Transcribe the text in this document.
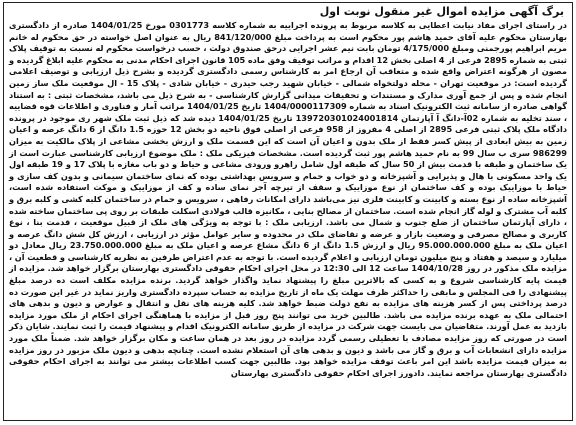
برگ آگهی مزایده اموال غیر منقول نوبت اول
در راستای اجرای مفاد نیابت اعطایی به کلاسه مربوط به پرونده اجراییه به شماره کلاسه 0301773 مورخ 1404/01/25 صادره از دادگستری بهارستان محکوم علیه آقای حمید هاشم پور محکوم است به پرداخت مبلغ 841/120/000 ریال به عنوان اصل خواسته در حق محکوم له خانم مریم ابراهیم پورجمنی ومبلغ 4/175/000 تومان بابت نیم عشر اجرایی درحق صندوق دولت ، حسب درخواست محکوم له نسبت به توقیف پلاک ثبتی به شماره 2895 فرعی از 4 اصلی بخش 12 اقدام و مراتب توقیف وفق ماده 105 قانون اجرای احکام مدنی به محکوم علیه ابلاغ گردیده و مصون از هرگونه اعتراض واقع شده و متعاقب آن ارجاع امر به کارشناس رسمی دادگستری گردیده و بشرح ذیل ارزیابی و توصیف اعلامی گردیده است: در موقعیت تهران - محله دولتخواه شمالی - خیابان شهید رجب حیدری - خیابان شادی - پلاک 15 - ال موقعیت ملک ساز زمین انجام شده و پس از جمع آوری مدارک و مستندات و تحقیقات میدانی گزارش کارشناسی - به شرح ذیل می باشد، مشخصات ثبتی : به استناد گواهی صادره از سامانه ثبت الکترونیک اسناد به شماره 1404/0000117309 تاریخ 1404/01/25 مراتب آمار و فناوری و اطلاعات قوه قضاییه ، سند تخلیه به شماره 02آ-دانگ آ آپارتمان 139720301024001814 تاریخ 1404/01/25 دیده شد که ذیل ثبت ملک شهر ری موجود در پرونده دادگاه ملک پلاک ثبتی فرعی 2895 از اصلی 4 مفروز از 958 فرعی از اصلی فوق ناحیه دو بخش 12 حوزه 1.5 دانگ از 6 دانگ عرصه و اعیان زمین به بیش ابعادی از پیش کسر فقط از ملک بدون و اعیان آن است که این قسمت ملک و ارزش بخشی مشاعی از پلاک مالکیت به میزان 986299 سری ب سال 99 به نام حمید هاشم پور ثبت گردیده است. مشخصات فیزیکی ملک : ملک موضوع ارزیابی کارشناسی عبارت است از یک ساختمان و طبقه با قدمت بیش از 50 سال که طبقه اول شامل راهرو ورودی مشاعی و حیاط و دو باب مغازه با پلاک 17 و 19 طبقه اول یک واحد مسکونی با هال و پذیرایی و آشپزخانه و دو خواب و حمام و سرویس بهداشتی بوده که نمای ساختمان سیمانی و بدون کف سازی و حیاط با موزاییک بوده و کف ساختمان از نوع موزاییک و سقف از تیرچه آجر نمای ساده و کف از موزاییک و موکت استفاده شده است، آشپزخانه ساده از نوع بسته و کابینت و کابینت فلزی نیز می‌باشد دارای امکانات رفاهی ، سرویس و حمام در ساختمان کلبه کشی و کلبه برق و کلبه آب مشترک و لوله گاز انجام شده است. ساختمان از مصالح بنایی ، مکانیزه قالب فولادی اسکلت طبقات بر روی پی ساختمان ساخته شده ، دارای آپارتمان ساختمان از ضلع جنوب و شمال می باشد. ارزیابی ملک : با توجه به ویژگی های ملک از قبیل موقعیت ، قدمت بنا ، نوع کاربری و مصالح مصرفی و وضعیت بازار و عرضه و تقاضای ملک در محدوده و سایر عوامل مؤثر در ارزیابی ، ارزش کل شش دانگ عرصه و اعیان ملک به مبلغ 95.000.000.000 ریال و ارزش 1.5 دانگ از 6 دانگ مشاع عرصه و اعیان ملک به مبلغ 23.750.000.000 ریال معادل دو میلیارد و سیصد و هفتاد و پنج میلیون تومان ارزیابی و اعلام گردیده است. با توجه به عدم اعتراض طرفین به نظریه کارشناسی و قطعیت آن ، مزایده ملک مذکور در روز 1404/10/28 ساعت 12 الی 12:30 در محل اجرای احکام حقوقی دادگستری بهارستان برگزار خواهد شد. مزایده از قیمت پایه کارشناسی شروع و به کسی که بالاترین مبلغ را پیشنهاد نماید واگذار خواهد گردید. برنده مزایده مکلف است ده درصد مبلغ پیشنهادی را فی المجلس و مابقی را حداکثر ظرف مهلت یک ماه از تاریخ مزایده به حساب سپرده دادگستری واریز نماید در غیر این صورت ده درصد پرداختی پس از کسر هزینه های مزایده به نفع دولت ضبط خواهد شد. کلیه هزینه های نقل و انتقال و عوارض و دیون و بدهی های احتمالی ملک به عهده برنده مزایده می باشد. طالبین خرید می توانند پنج روز قبل از مزایده با هماهنگی اجرای احکام از ملک مورد مزایده بازدید به عمل آورند. متقاضیان می بایست جهت شرکت در مزایده از طریق سامانه الکترونیک اقدام و پیشنهاد قیمت را ثبت نمایند. شایان ذکر است در صورتی که روز مزایده مصادف با تعطیلی رسمی گردد مزایده در روز بعد در همان ساعت و مکان برگزار خواهد شد. ضمناً ملک مورد مزایده دارای انشعابات آب و برق و گاز می باشد و دیون و بدهی های آن استعلام نشده است. چنانچه بدهی و دیون ملک مزبور در روز مزایده به میزان قیمت مزایده باشد این امر باعث توقف مزایده خواهد بود. طالبین جهت کسب اطلاعات بیشتر می توانند به اجرای احکام حقوقی دادگستری بهارستان مراجعه نمایند. دادورز اجرای احکام حقوقی دادگستری بهارستان
